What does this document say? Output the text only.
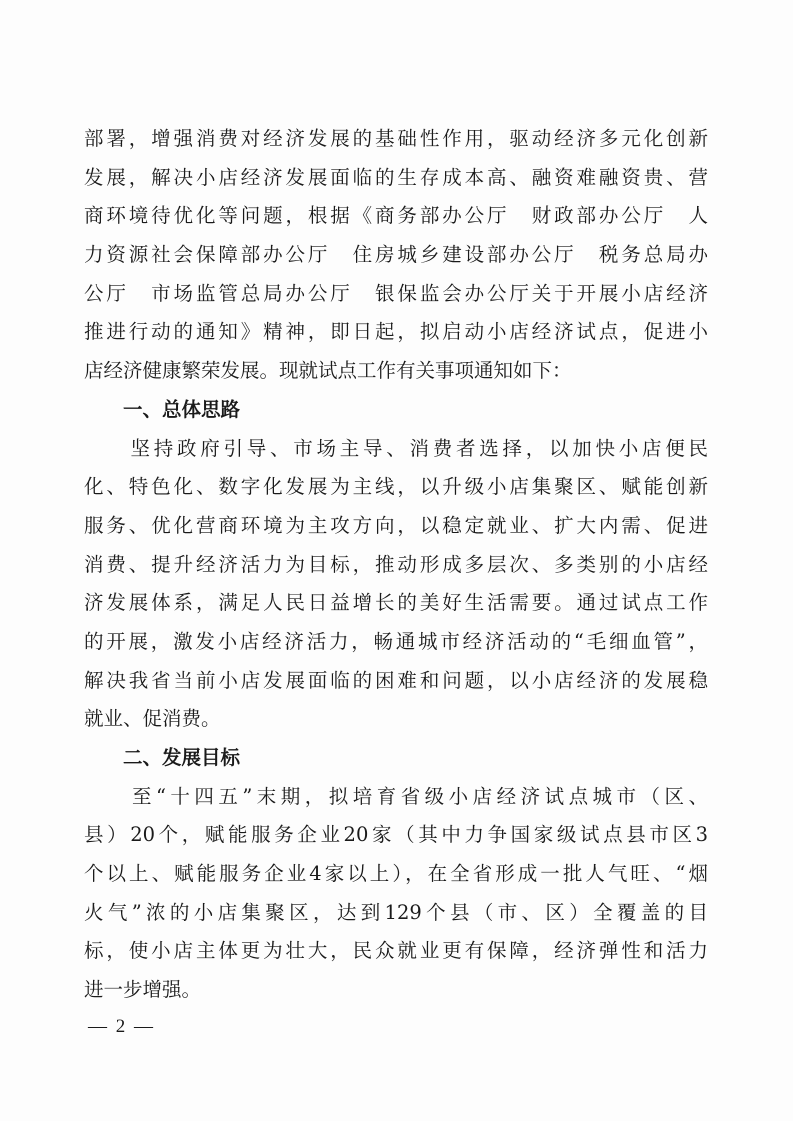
部署，增强消费对经济发展的基础性作用，驱动经济多元化创新
发展，解决小店经济发展面临的生存成本高、融资难融资贵、营
商环境待优化等问题，根据《商务部办公厅　财政部办公厅　人
力资源社会保障部办公厅　住房城乡建设部办公厅　税务总局办
公厅　市场监管总局办公厅　银保监会办公厅关于开展小店经济
推进行动的通知》精神，即日起，拟启动小店经济试点，促进小
店经济健康繁荣发展。现就试点工作有关事项通知如下：
一、总体思路
　　坚持政府引导、市场主导、消费者选择，以加快小店便民
化、特色化、数字化发展为主线，以升级小店集聚区、赋能创新
服务、优化营商环境为主攻方向，以稳定就业、扩大内需、促进
消费、提升经济活力为目标，推动形成多层次、多类别的小店经
济发展体系，满足人民日益增长的美好生活需要。通过试点工作
的开展，激发小店经济活力，畅通城市经济活动的“毛细血管”，
解决我省当前小店发展面临的困难和问题，以小店经济的发展稳
就业、促消费。
二、发展目标
　　至“十四五”末期，拟培育省级小店经济试点城市（区、
县）20个，赋能服务企业20家（其中力争国家级试点县市区3
个以上、赋能服务企业4家以上），在全省形成一批人气旺、“烟
火气”浓的小店集聚区，达到129个县（市、区）全覆盖的目
标，使小店主体更为壮大，民众就业更有保障，经济弹性和活力
进一步增强。
— 2 —
